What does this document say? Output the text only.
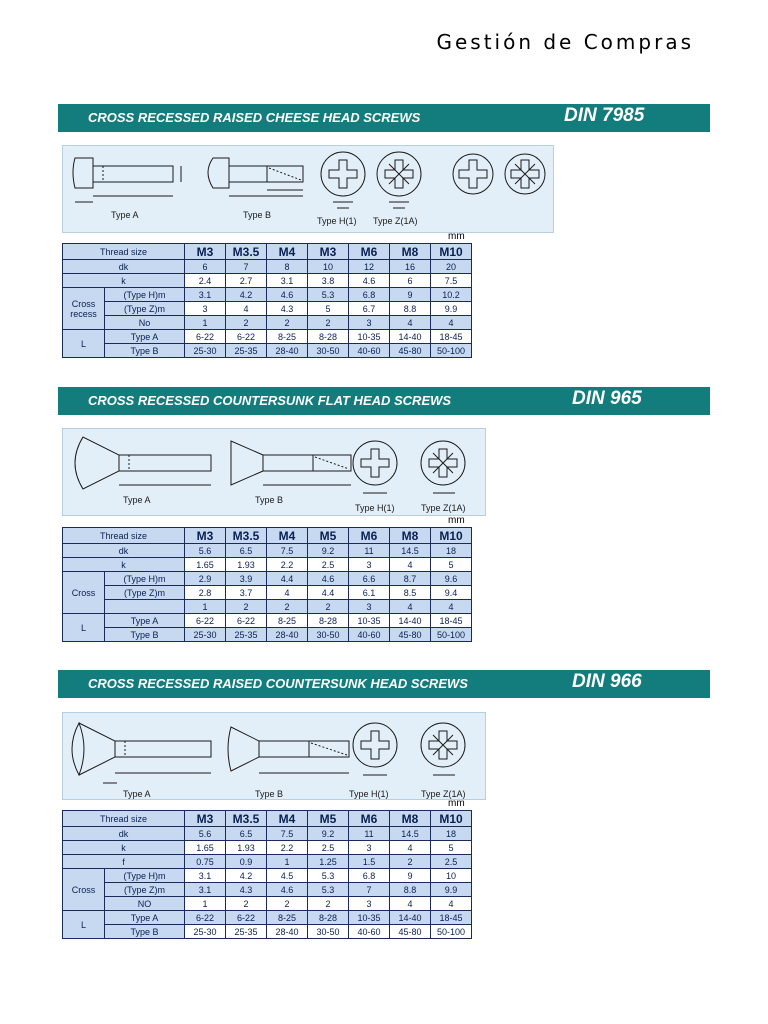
Gestión de Compras
CROSS RECESSED RAISED CHEESE HEAD SCREWS	DIN 7985
Type A	Type B
Type H(1) Type Z(1A)
mm
Thread size		M3	M3.5	M4	M3	M6	M8	M10
dk		6	7	8	10	12	16	20
k		2.4	2.7	3.1	3.8	4.6	6	7.5
Cross recess	(Type H)m	3.1	4.2	4.6	5.3	6.8	9	10.2
	(Type Z)m	3	4	4.3	5	6.7	8.8	9.9
	No	1	2	2	2	3	4	4
L	Type A	6-22	6-22	8-25	8-28	10-35	14-40	18-45
	Type B	25-30	25-35	28-40	30-50	40-60	45-80	50-100
CROSS RECESSED COUNTERSUNK FLAT HEAD SCREWS	DIN 965
Type A	Type B
Type H(1)	Type Z(1A)
mm
Thread size		M3	M3.5	M4	M5	M6	M8	M10
dk		5.6	6.5	7.5	9.2	11	14.5	18
k		1.65	1.93	2.2	2.5	3	4	5
Cross	(Type H)m	2.9	3.9	4.4	4.6	6.6	8.7	9.6
	(Type Z)m	2.8	3.7	4	4.4	6.1	8.5	9.4
		1	2	2	2	3	4	4
L	Type A	6-22	6-22	8-25	8-28	10-35	14-40	18-45
	Type B	25-30	25-35	28-40	30-50	40-60	45-80	50-100
CROSS RECESSED RAISED COUNTERSUNK HEAD SCREWS	DIN 966
Type A	Type B	Type H(1)	Type Z(1A)
mm
Thread size		M3	M3.5	M4	M5	M6	M8	M10
dk		5.6	6.5	7.5	9.2	11	14.5	18
k		1.65	1.93	2.2	2.5	3	4	5
f		0.75	0.9	1	1.25	1.5	2	2.5
Cross	(Type H)m	3.1	4.2	4.5	5.3	6.8	9	10
	(Type Z)m	3.1	4.3	4.6	5.3	7	8.8	9.9
	NO	1	2	2	2	3	4	4
L	Type A	6-22	6-22	8-25	8-28	10-35	14-40	18-45
	Type B	25-30	25-35	28-40	30-50	40-60	45-80	50-100
